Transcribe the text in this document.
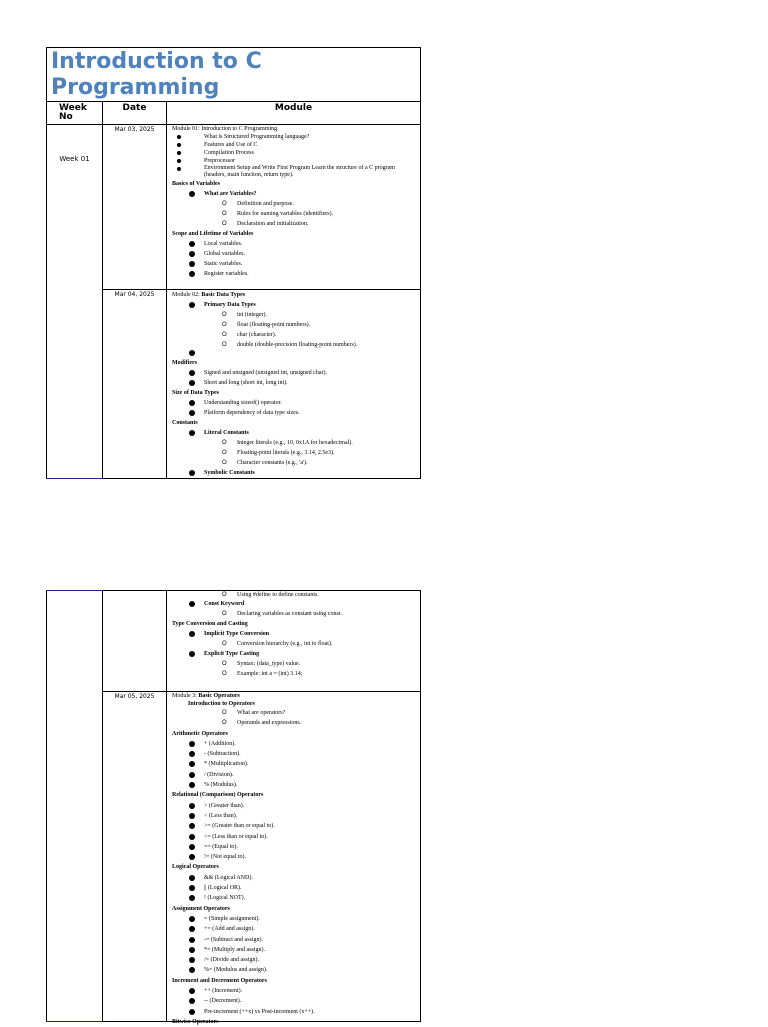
Introduction to C Programming
Week No
Week 01
Date
Mar 03, 2025
Mar 04, 2025
Module
Module 01: Introduction to C Programming
What is Structured Programming language?
Features and Use of C
Compilation Process
Preprocessor
Environment Setup and Write First Program Learn the structure of a C program (headers, main function, return type).
Basics of Variables
What are Variables?
O Definition and purpose.
O Rules for naming variables (identifiers).
O Declaration and initialization.
Scope and Lifetime of Variables
Local variables.
Global variables.
Static variables.
Register variables.
Module 02: Basic Data Types
Primary Data Types
O int (integer).
O float (floating-point numbers).
O char (character).
O double (double-precision floating-point numbers).

Modifiers
Signed and unsigned (unsigned int, unsigned char).
Short and long (short int, long int).
Size of Data Types
Understanding sizeof() operator.
Platform dependency of data type sizes.
Constants
Literal Constants
O Integer literals (e.g., 10, 0x1A for hexadecimal).
O Floating-point literals (e.g., 3.14, 2.5e3).
O Character constants (e.g., 'a').
Symbolic Constants
Mar 05, 2025
O Using #define to define constants.
Const Keyword
O Declaring variables as constant using const.
Type Conversion and Casting
Implicit Type Conversion
O Conversion hierarchy (e.g., int to float).
Explicit Type Casting
O Syntax: (data_type) value.
O Example: int a = (int) 3.14;
Module 3: Basic Operators
Introduction to Operators
O What are operators?
O Operands and expressions.
Arithmetic Operators
+ (Addition).
- (Subtraction).
* (Multiplication).
/ (Division).
% (Modulus).
Relational (Comparison) Operators
> (Greater than).
< (Less than).
>= (Greater than or equal to).
<= (Less than or equal to).
== (Equal to).
!= (Not equal to).
Logical Operators
&& (Logical AND).
|| (Logical OR).
! (Logical NOT).
Assignment Operators
= (Simple assignment).
+= (Add and assign).
-= (Subtract and assign).
*= (Multiply and assign).
/= (Divide and assign).
%= (Modulus and assign).
Increment and Decrement Operators
++ (Increment).
-- (Decrement).
Pre-increment (++x) vs Post-increment (x++).
Bitwise Operators
